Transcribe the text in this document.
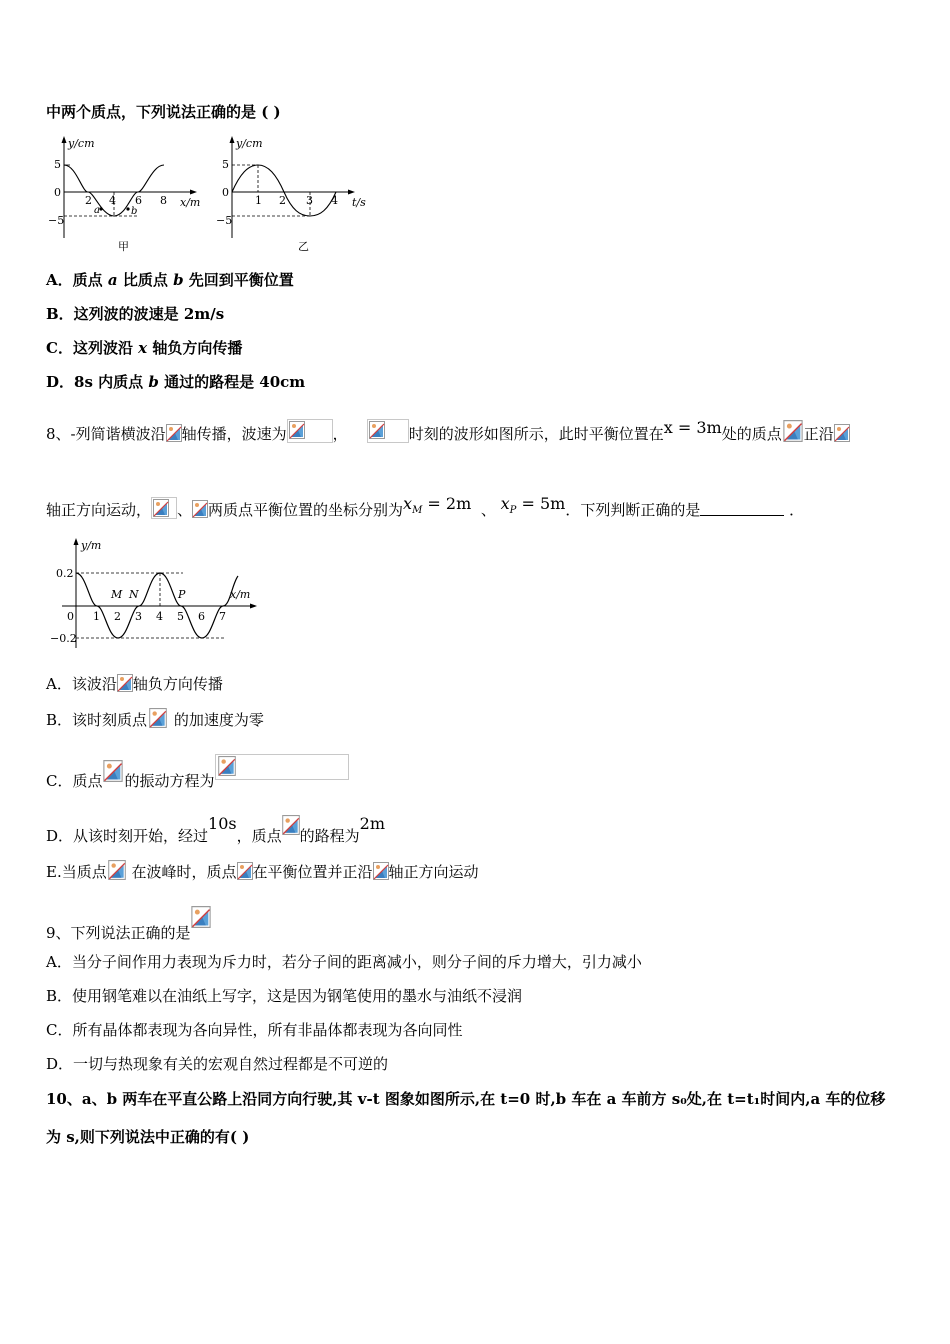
中两个质点，下列说法正确的是 ( )
y/cm
x/m
5
0
−5
2 4 6 8
a	b
甲
y/cm
t/s
5
0
−5
1 2 3 4
乙
A．质点 a 比质点 b 先回到平衡位置
B．这列波的波速是 2m/s
C．这列波沿 x 轴负方向传播
D．8s 内质点 b 通过的路程是 40cm
8、-列简谐横波沿 轴传播，波速为	，	时刻的波形如图所示，此时平衡位置在x = 3m处的质点 正沿
轴正方向运动， 、 两质点平衡位置的坐标分别为$x_M = 2m$ 、 $x_P = 5m$．下列判断正确的是	．
y/m
x/m
0.2
−0.2
0 1 2 3 4 5 6 7
M N	P
A．该波沿 轴负方向传播
B．该时刻质点 的加速度为零
C．质点 的振动方程为
D．从该时刻开始，经过10s，质点 的路程为2m
E.当质点 在波峰时，质点 在平衡位置并正沿 轴正方向运动
9、下列说法正确的是
A．当分子间作用力表现为斥力时，若分子间的距离减小，则分子间的斥力增大，引力减小
B．使用钢笔难以在油纸上写字，这是因为钢笔使用的墨水与油纸不浸润
C．所有晶体都表现为各向异性，所有非晶体都表现为各向同性
D．一切与热现象有关的宏观自然过程都是不可逆的
10、a、b 两车在平直公路上沿同方向行驶,其 v-t 图象如图所示,在 t=0 时,b 车在 a 车前方 s₀处,在 t=t₁时间内,a 车的位移
为 s,则下列说法中正确的有( )
